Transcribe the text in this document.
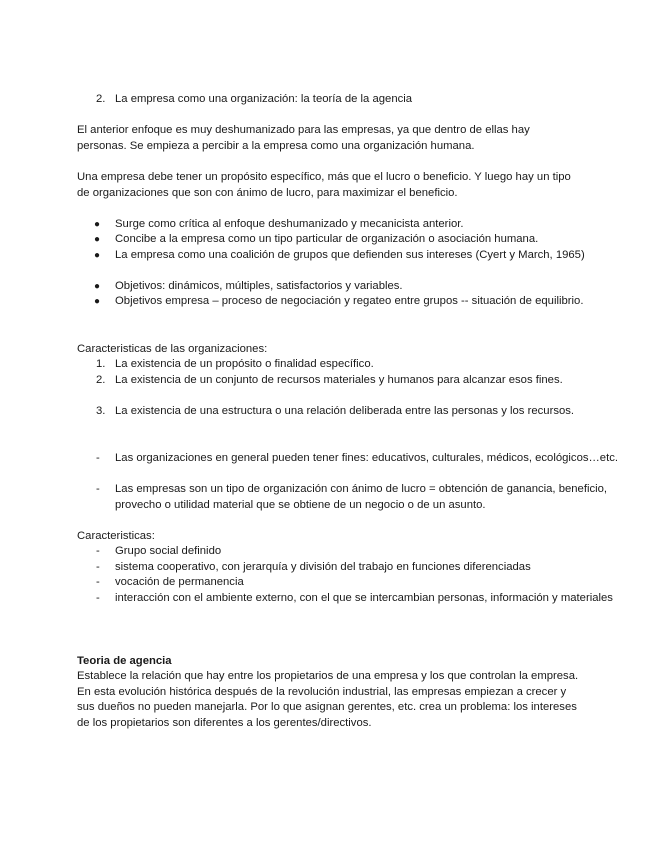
2. La empresa como una organización: la teoría de la agencia
El anterior enfoque es muy deshumanizado para las empresas, ya que dentro de ellas hay personas. Se empieza a percibir a la empresa como una organización humana.
Una empresa debe tener un propósito específico, más que el lucro o beneficio. Y luego hay un tipo de organizaciones que son con ánimo de lucro, para maximizar el beneficio.
●	Surge como crítica al enfoque deshumanizado y mecanicista anterior.
●	Concibe a la empresa como un tipo particular de organización o asociación humana.
●	La empresa como una coalición de grupos que defienden sus intereses (Cyert y March, 1965)
●	Objetivos: dinámicos, múltiples, satisfactorios y variables.
●	Objetivos empresa – proceso de negociación y regateo entre grupos -- situación de equilibrio.
Caracteristicas de las organizaciones:
1. La existencia de un propósito o finalidad específico.
2. La existencia de un conjunto de recursos materiales y humanos para alcanzar esos fines.
3. La existencia de una estructura o una relación deliberada entre las personas y los recursos.
-	Las organizaciones en general pueden tener fines: educativos, culturales, médicos, ecológicos…etc.
-	Las empresas son un tipo de organización con ánimo de lucro = obtención de ganancia, beneficio, provecho o utilidad material que se obtiene de un negocio o de un asunto.
Caracteristicas:
-	Grupo social definido
-	sistema cooperativo, con jerarquía y división del trabajo en funciones diferenciadas
-	vocación de permanencia
-	interacción con el ambiente externo, con el que se intercambian personas, información y materiales
Teoria de agencia
Establece la relación que hay entre los propietarios de una empresa y los que controlan la empresa. En esta evolución histórica después de la revolución industrial, las empresas empiezan a crecer y sus dueños no pueden manejarla. Por lo que asignan gerentes, etc. crea un problema: los intereses de los propietarios son diferentes a los gerentes/directivos.
